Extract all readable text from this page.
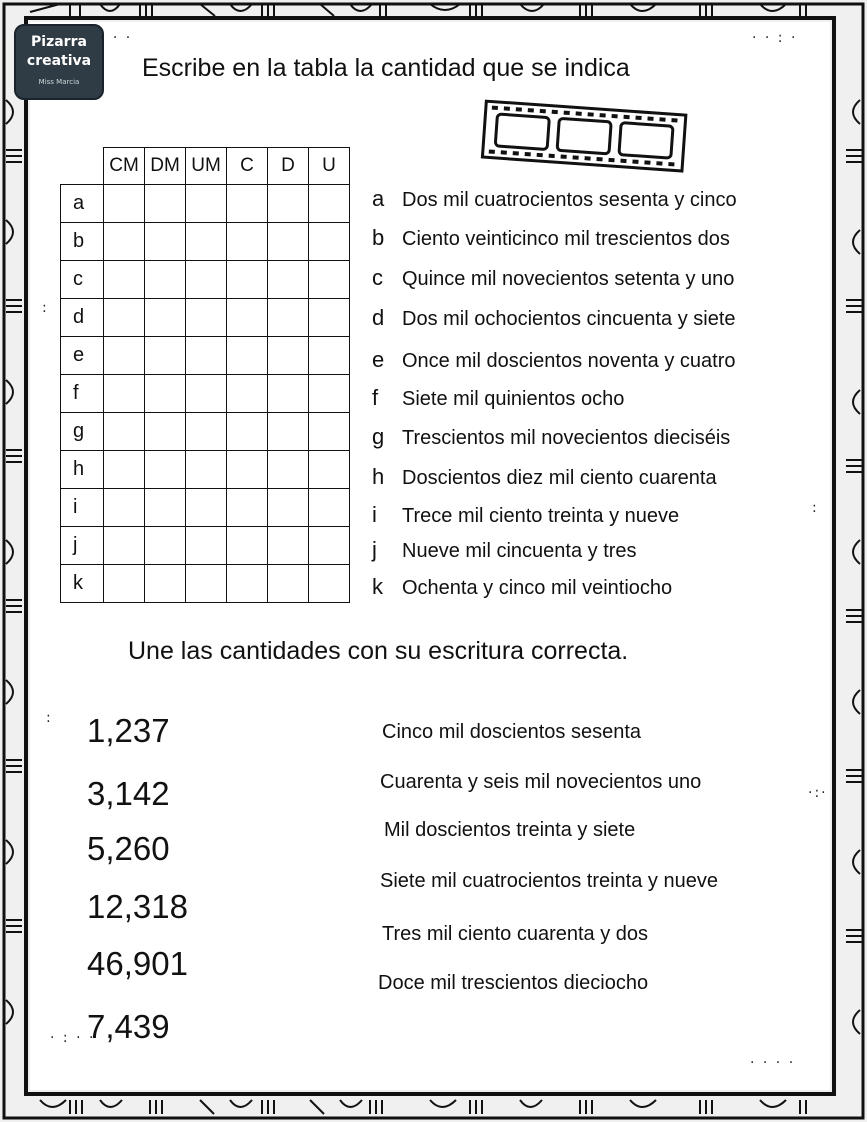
Pizarra
creativa
Miss Marcia	Escribe en la tabla la cantidad que se indica
	CM	DM	UM	C	D	U
a						
b						
c						
d						
e						
f						
g						
h						
i						
j						
k						
a Dos mil cuatrocientos sesenta y cinco
b Ciento veinticinco mil trescientos dos
c Quince mil novecientos setenta y uno
d Dos mil ochocientos cincuenta y siete
e Once mil doscientos noventa y cuatro
f Siete mil quinientos ocho
g Trescientos mil novecientos dieciséis
h Doscientos diez mil ciento cuarenta
i Trece mil ciento treinta y nueve
j Nueve mil cincuenta y tres
k Ochenta y cinco mil veintiocho
Une las cantidades con su escritura correcta.
1,237
3,142
5,260
12,318
46,901
7,439
Cinco mil doscientos sesenta
Cuarenta y seis mil novecientos uno
Mil doscientos treinta y siete
Siete mil cuatrocientos treinta y nueve
Tres mil ciento cuarenta y dos
Doce mil trescientos dieciocho
· · ·	· · : ·
:
:
:
·:·
· : · ·
· · · ·
